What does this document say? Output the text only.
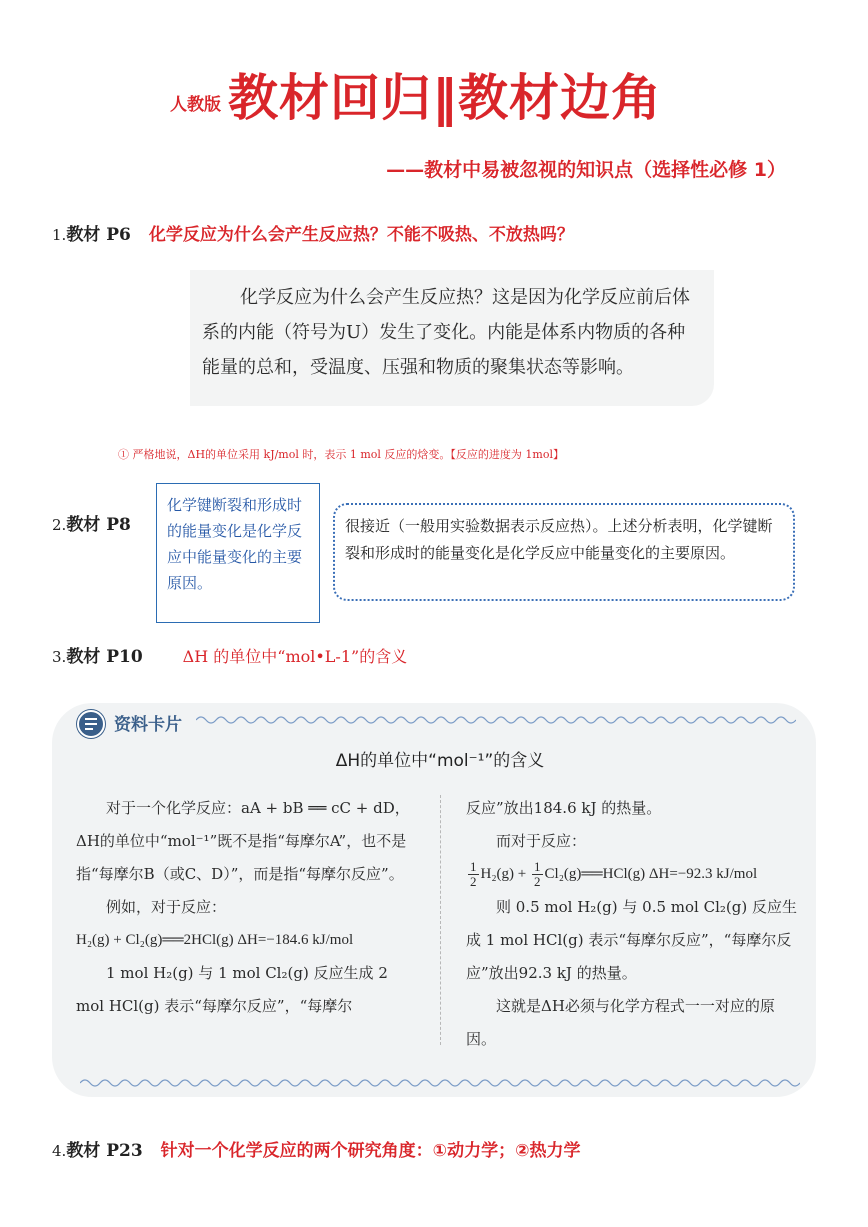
人教版 教材回归‖教材边角
——教材中易被忽视的知识点（选择性必修 1）
1.教材 P6 化学反应为什么会产生反应热？不能不吸热、不放热吗？

化学反应为什么会产生反应热？这是因为化学反应前后体系的内能（符号为U）发生了变化。内能是体系内物质的各种能量的总和，受温度、压强和物质的聚集状态等影响。

① 严格地说，ΔH的单位采用 kJ/mol 时，表示 1 mol 反应的焓变。【反应的进度为 1mol】
2.教材 P8
化学键断裂和形成时的能量变化是化学反应中能量变化的主要原因。
很接近（一般用实验数据表示反应热）。上述分析表明，化学键断裂和形成时的能量变化是化学反应中能量变化的主要原因。
3.教材 P10	ΔH 的单位中“mol•L-1”的含义
资料卡片
ΔH的单位中“mol⁻¹”的含义

对于一个化学反应：aA + bB ══ cC + dD，ΔH的单位中“mol⁻¹”既不是指“每摩尔A”，也不是指“每摩尔B（或C、D）”，而是指“每摩尔反应”。

例如，对于反应：

H₂(g) + Cl₂(g)══2HCl(g) ΔH=−184.6 kJ/mol

1 mol H₂(g) 与 1 mol Cl₂(g) 反应生成 2 mol HCl(g) 表示“每摩尔反应”，“每摩尔

反应”放出184.6 kJ 的热量。

而对于反应：

$\frac{1}{2} H_2(g) + \frac{1}{2}$ Cl₂(g)══HCl(g) ΔH=−92.3 kJ/mol

则 0.5 mol H₂(g) 与 0.5 mol Cl₂(g) 反应生成 1 mol HCl(g) 表示“每摩尔反应”，“每摩尔反应”放出92.3 kJ 的热量。

这就是ΔH必须与化学方程式一一对应的原因。

4.教材 P23 针对一个化学反应的两个研究角度：①动力学；②热力学
